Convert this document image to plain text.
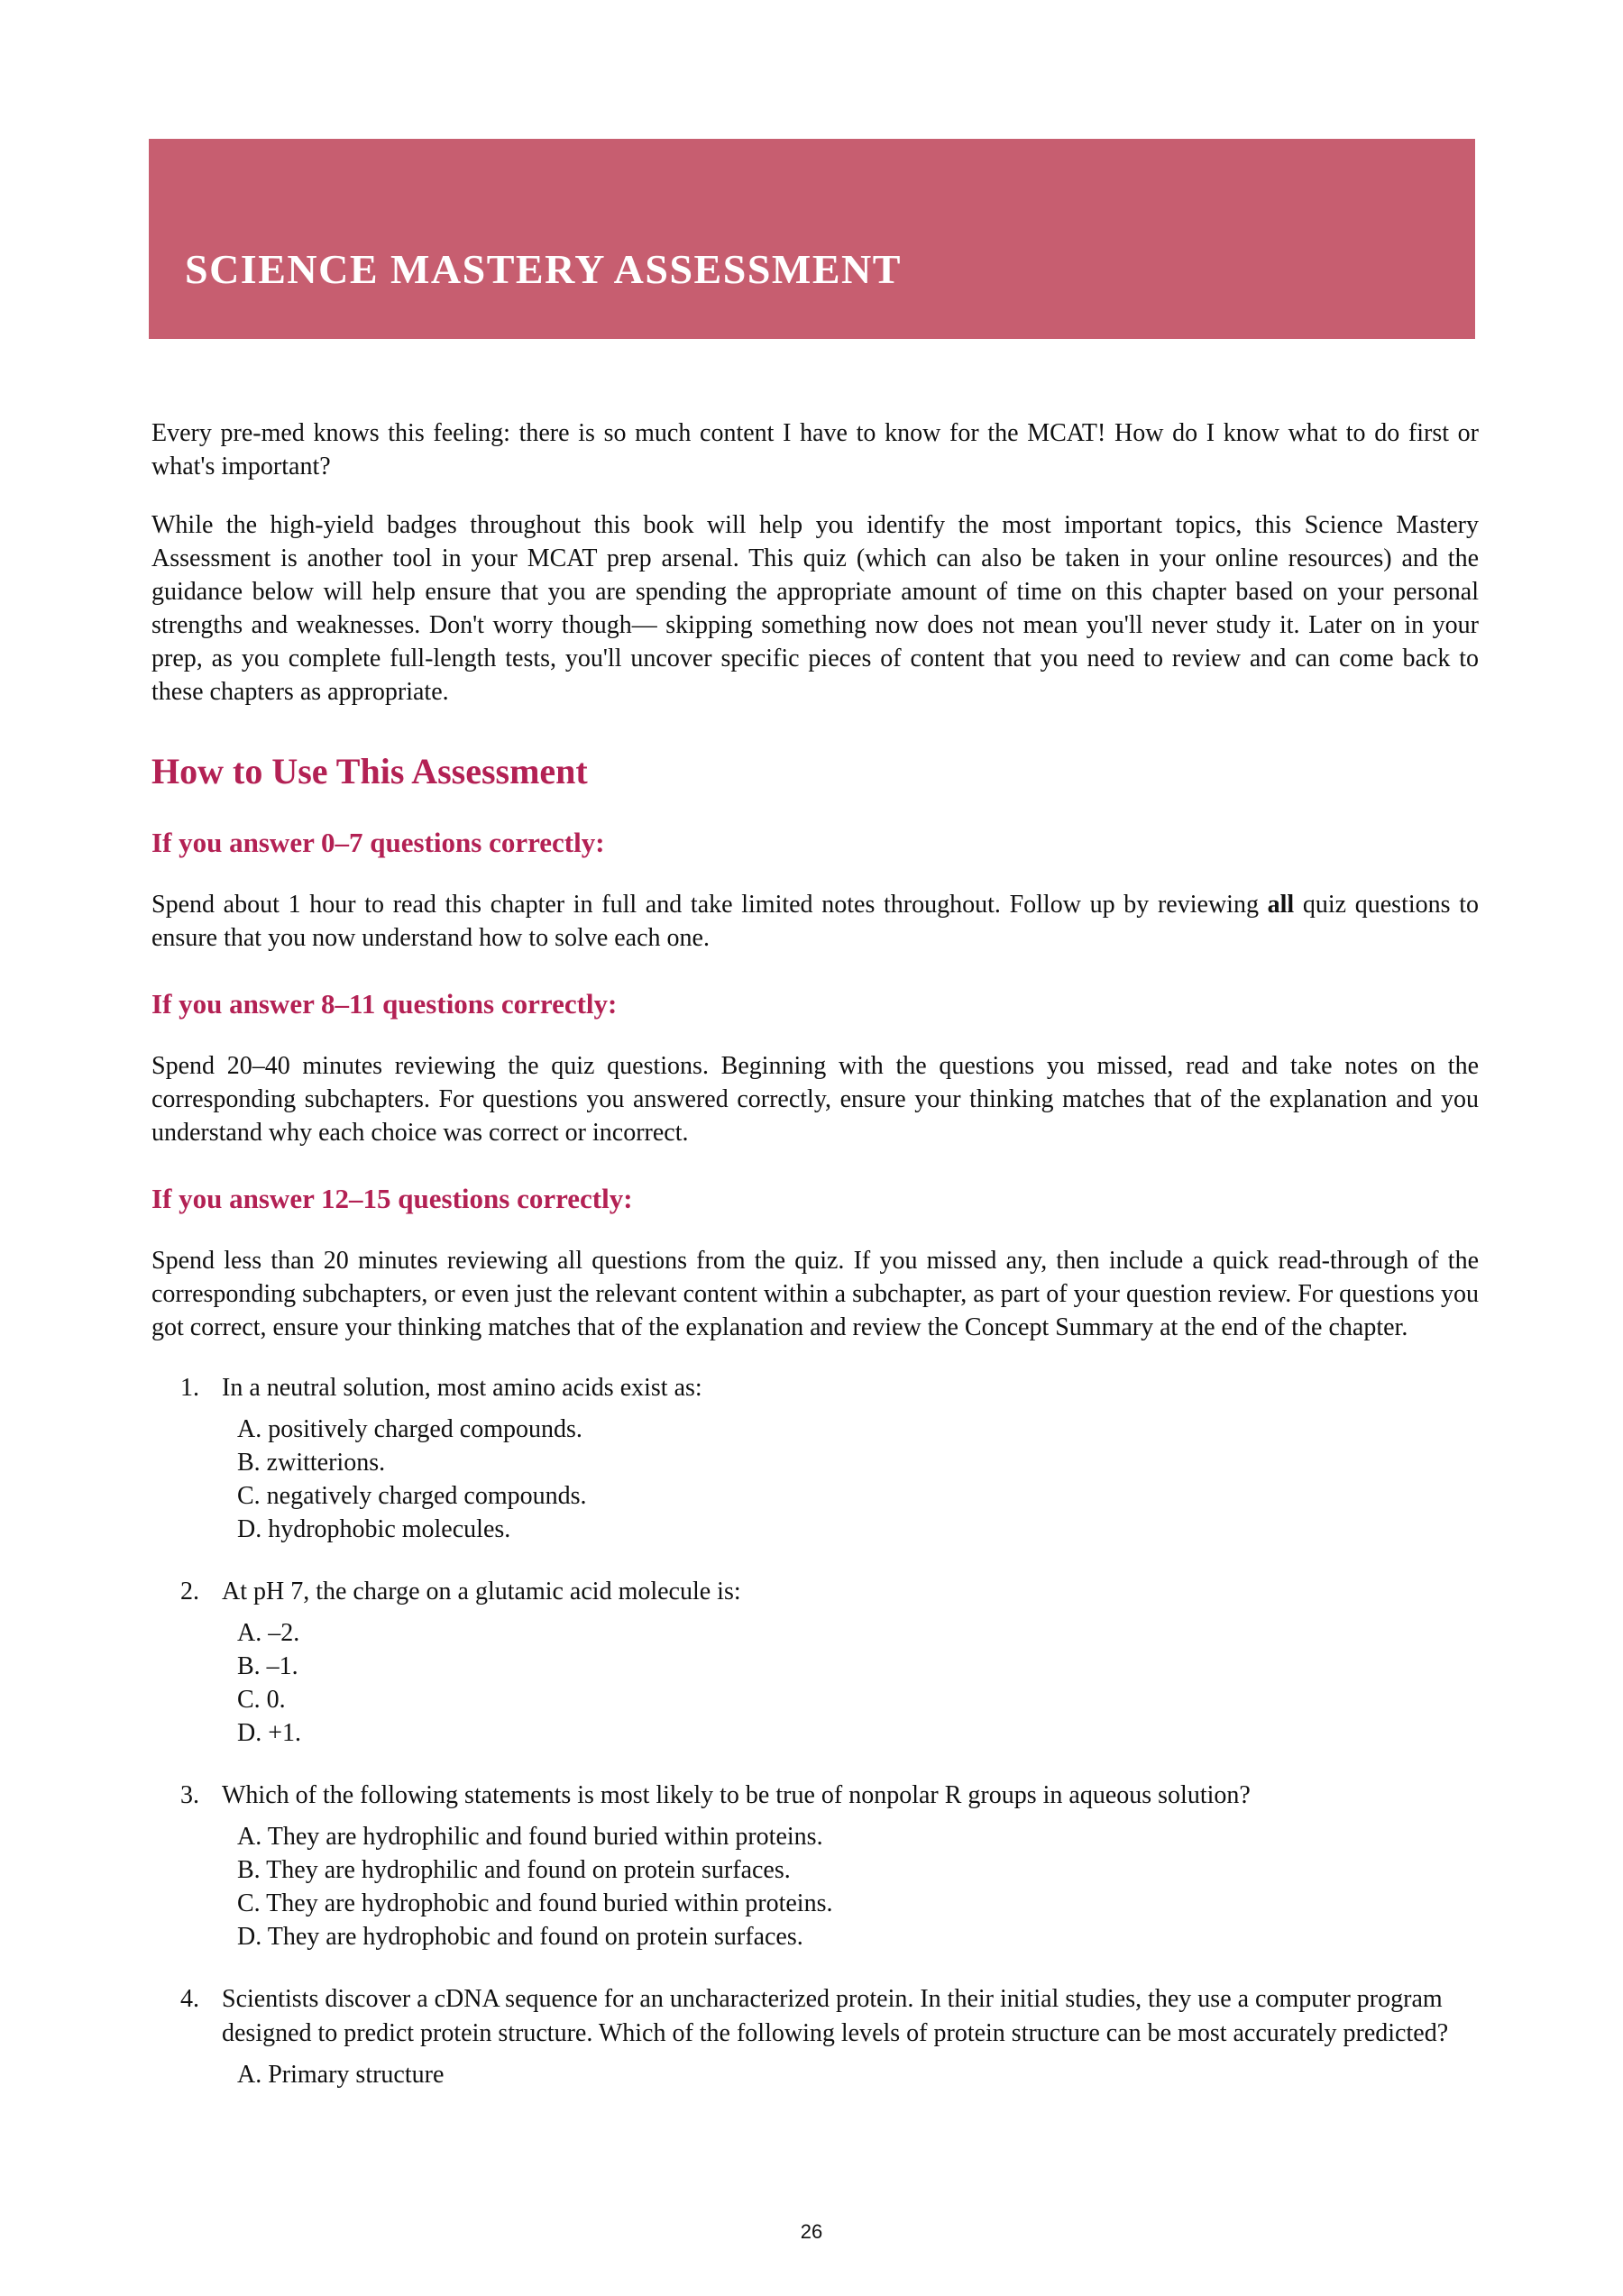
SCIENCE MASTERY ASSESSMENT

Every pre-med knows this feeling: there is so much content I have to know for the MCAT! How do I know what to do first or what's important?

While the high-yield badges throughout this book will help you identify the most important topics, this Science Mastery Assessment is another tool in your MCAT prep arsenal. This quiz (which can also be taken in your online resources) and the guidance below will help ensure that you are spending the appropriate amount of time on this chapter based on your personal strengths and weaknesses. Don't worry though— skipping something now does not mean you'll never study it. Later on in your prep, as you complete full-length tests, you'll uncover specific pieces of content that you need to review and can come back to these chapters as appropriate.

How to Use This Assessment
If you answer 0–7 questions correctly:

Spend about 1 hour to read this chapter in full and take limited notes throughout. Follow up by reviewing all quiz questions to ensure that you now understand how to solve each one.

If you answer 8–11 questions correctly:

Spend 20–40 minutes reviewing the quiz questions. Beginning with the questions you missed, read and take notes on the corresponding subchapters. For questions you answered correctly, ensure your thinking matches that of the explanation and you understand why each choice was correct or incorrect.

If you answer 12–15 questions correctly:

Spend less than 20 minutes reviewing all questions from the quiz. If you missed any, then include a quick read-through of the corresponding subchapters, or even just the relevant content within a subchapter, as part of your question review. For questions you got correct, ensure your thinking matches that of the explanation and review the Concept Summary at the end of the chapter.

1. In a neutral solution, most amino acids exist as:
A. positively charged compounds.
B. zwitterions.
C. negatively charged compounds.
D. hydrophobic molecules.
2. At pH 7, the charge on a glutamic acid molecule is:
A. –2.
B. –1.
C. 0.
D. +1.
3. Which of the following statements is most likely to be true of nonpolar R groups in aqueous solution?
A. They are hydrophilic and found buried within proteins.
B. They are hydrophilic and found on protein surfaces.
C. They are hydrophobic and found buried within proteins.
D. They are hydrophobic and found on protein surfaces.
4. Scientists discover a cDNA sequence for an uncharacterized protein. In their initial studies, they use a computer program designed to predict protein structure. Which of the following levels of protein structure can be most accurately predicted?
A. Primary structure
26
